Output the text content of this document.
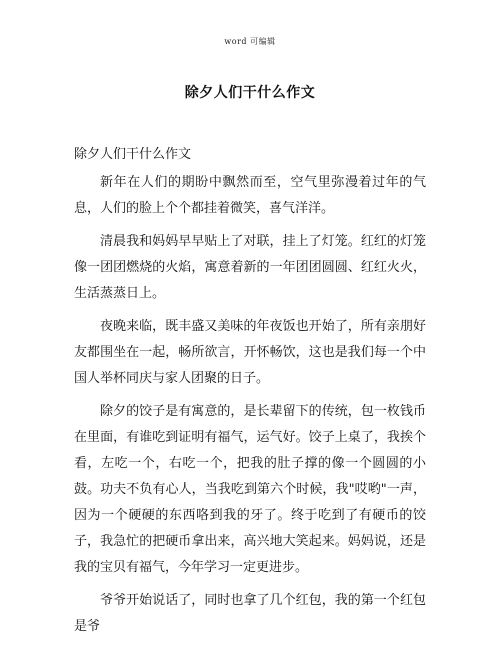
word 可编辑
除夕人们干什么作文

除夕人们干什么作文

新年在人们的期盼中飘然而至，空气里弥漫着过年的气息，人们的脸上个个都挂着微笑，喜气洋洋。

清晨我和妈妈早早贴上了对联，挂上了灯笼。红红的灯笼像一团团燃烧的火焰，寓意着新的一年团团圆圆、红红火火，生活蒸蒸日上。

夜晚来临，既丰盛又美味的年夜饭也开始了，所有亲朋好友都围坐在一起，畅所欲言，开怀畅饮，这也是我们每一个中国人举杯同庆与家人团聚的日子。

除夕的饺子是有寓意的，是长辈留下的传统，包一枚钱币在里面，有谁吃到证明有福气，运气好。饺子上桌了，我挨个看，左吃一个，右吃一个，把我的肚子撑的像一个圆圆的小鼓。功夫不负有心人，当我吃到第六个时候，我"哎哟"一声，因为一个硬硬的东西咯到我的牙了。终于吃到了有硬币的饺子，我急忙的把硬币拿出来，高兴地大笑起来。妈妈说，还是我的宝贝有福气，今年学习一定更进步。

爷爷开始说话了，同时也拿了几个红包，我的第一个红包是爷
